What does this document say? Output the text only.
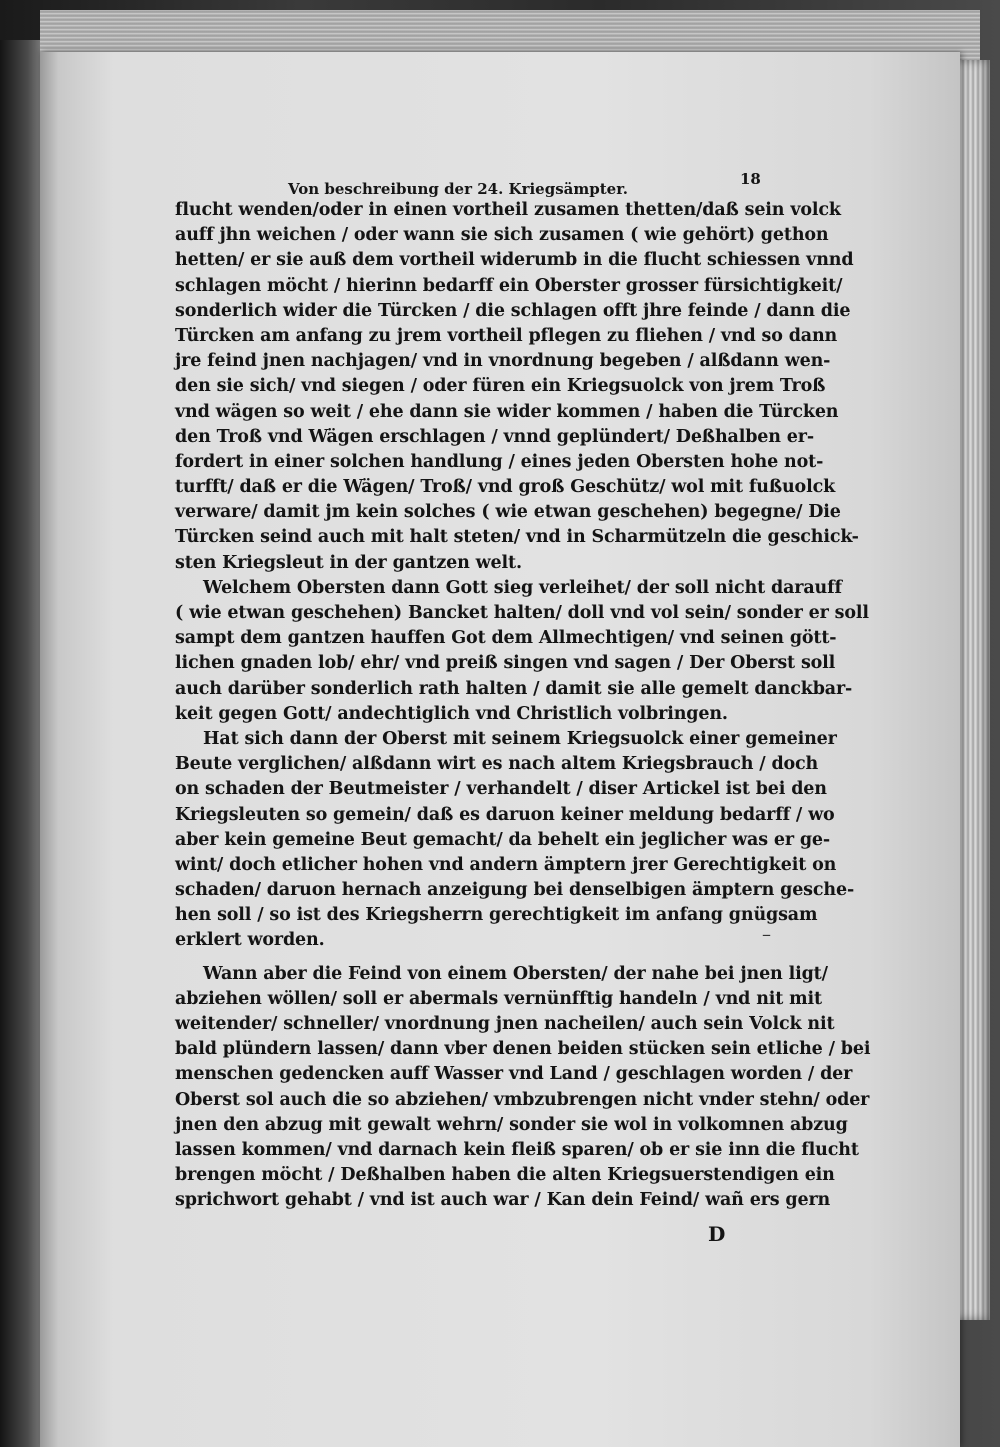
Von beschreibung der 24. Kriegsämpter.
18
flucht wenden/oder in einen vortheil zusamen thetten/daß sein volck
auff jhn weichen / oder wann sie sich zusamen ( wie gehört) gethon
hetten/ er sie auß dem vortheil widerumb in die flucht schiessen vnnd
schlagen möcht / hierinn bedarff ein Oberster grosser fürsichtigkeit/
sonderlich wider die Türcken / die schlagen offt jhre feinde / dann die
Türcken am anfang zu jrem vortheil pflegen zu fliehen / vnd so dann
jre feind jnen nachjagen/ vnd in vnordnung begeben / alßdann wen-
den sie sich/ vnd siegen / oder füren ein Kriegsuolck von jrem Troß
vnd wägen so weit / ehe dann sie wider kommen / haben die Türcken
den Troß vnd Wägen erschlagen / vnnd geplündert/ Deßhalben er-
fordert in einer solchen handlung / eines jeden Obersten hohe not-
turfft/ daß er die Wägen/ Troß/ vnd groß Geschütz/ wol mit fußuolck
verware/ damit jm kein solches ( wie etwan geschehen) begegne/ Die
Türcken seind auch mit halt steten/ vnd in Scharmützeln die geschick-
sten Kriegsleut in der gantzen welt.
Welchem Obersten dann Gott sieg verleihet/ der soll nicht darauff
( wie etwan geschehen) Bancket halten/ doll vnd vol sein/ sonder er soll
sampt dem gantzen hauffen Got dem Allmechtigen/ vnd seinen gött-
lichen gnaden lob/ ehr/ vnd preiß singen vnd sagen / Der Oberst soll
auch darüber sonderlich rath halten / damit sie alle gemelt danckbar-
keit gegen Gott/ andechtiglich vnd Christlich volbringen.
Hat sich dann der Oberst mit seinem Kriegsuolck einer gemeiner
Beute verglichen/ alßdann wirt es nach altem Kriegsbrauch / doch
on schaden der Beutmeister / verhandelt / diser Artickel ist bei den
Kriegsleuten so gemein/ daß es daruon keiner meldung bedarff / wo
aber kein gemeine Beut gemacht/ da behelt ein jeglicher was er ge-
wint/ doch etlicher hohen vnd andern ämptern jrer Gerechtigkeit on
schaden/ daruon hernach anzeigung bei denselbigen ämptern gesche-
hen soll / so ist des Kriegsherrn gerechtigkeit im anfang gnügsam
erklert worden.
Wann aber die Feind von einem Obersten/ der nahe bei jnen ligt/
abziehen wöllen/ soll er abermals vernünfftig handeln / vnd nit mit
weitender/ schneller/ vnordnung jnen nacheilen/ auch sein Volck nit
bald plündern lassen/ dann vber denen beiden stücken sein etliche / bei
menschen gedencken auff Wasser vnd Land / geschlagen worden / der
Oberst sol auch die so abziehen/ vmbzubrengen nicht vnder stehn/ oder
jnen den abzug mit gewalt wehrn/ sonder sie wol in volkomnen abzug
lassen kommen/ vnd darnach kein fleiß sparen/ ob er sie inn die flucht
brengen möcht / Deßhalben haben die alten Kriegsuerstendigen ein
sprichwort gehabt / vnd ist auch war / Kan dein Feind/ wañ ers gern
–
D
